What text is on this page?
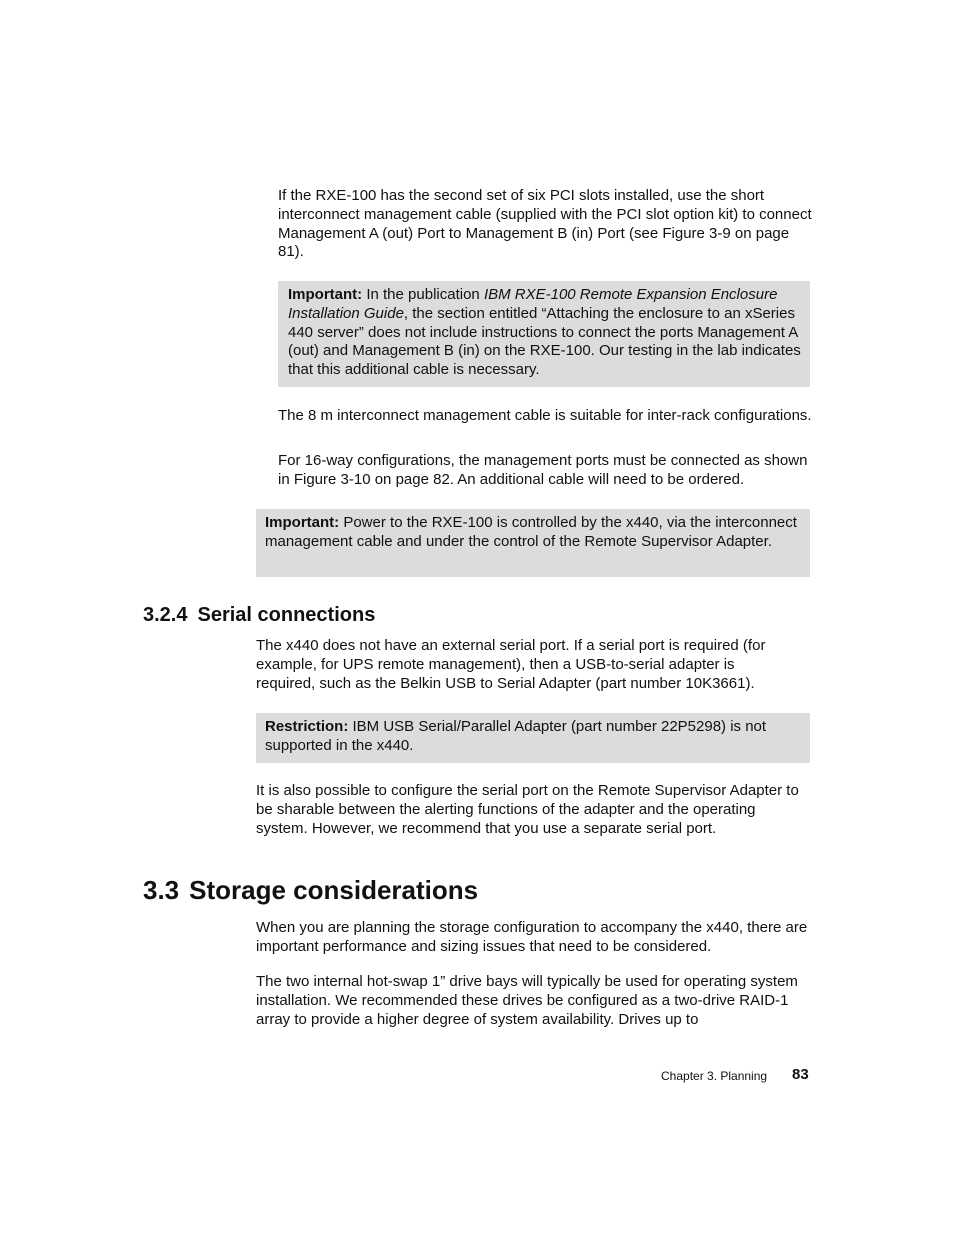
If the RXE-100 has the second set of six PCI slots installed, use the short interconnect management cable (supplied with the PCI slot option kit) to connect Management A (out) Port to Management B (in) Port (see Figure 3-9 on page 81).

Important: In the publication IBM RXE-100 Remote Expansion Enclosure Installation Guide, the section entitled “Attaching the enclosure to an xSeries 440 server” does not include instructions to connect the ports Management A (out) and Management B (in) on the RXE-100. Our testing in the lab indicates that this additional cable is necessary.

The 8 m interconnect management cable is suitable for inter-rack configurations.

For 16-way configurations, the management ports must be connected as shown in Figure 3-10 on page 82. An additional cable will need to be ordered.

Important: Power to the RXE-100 is controlled by the x440, via the interconnect management cable and under the control of the Remote Supervisor Adapter.

3.2.4 Serial connections

The x440 does not have an external serial port. If a serial port is required (for example, for UPS remote management), then a USB-to-serial adapter is required, such as the Belkin USB to Serial Adapter (part number 10K3661).

Restriction: IBM USB Serial/Parallel Adapter (part number 22P5298) is not supported in the x440.

It is also possible to configure the serial port on the Remote Supervisor Adapter to be sharable between the alerting functions of the adapter and the operating system. However, we recommend that you use a separate serial port.

3.3 Storage considerations

When you are planning the storage configuration to accompany the x440, there are important performance and sizing issues that need to be considered.

The two internal hot-swap 1” drive bays will typically be used for operating system installation. We recommended these drives be configured as a two-drive RAID-1 array to provide a higher degree of system availability. Drives up to

Chapter 3. Planning 83
